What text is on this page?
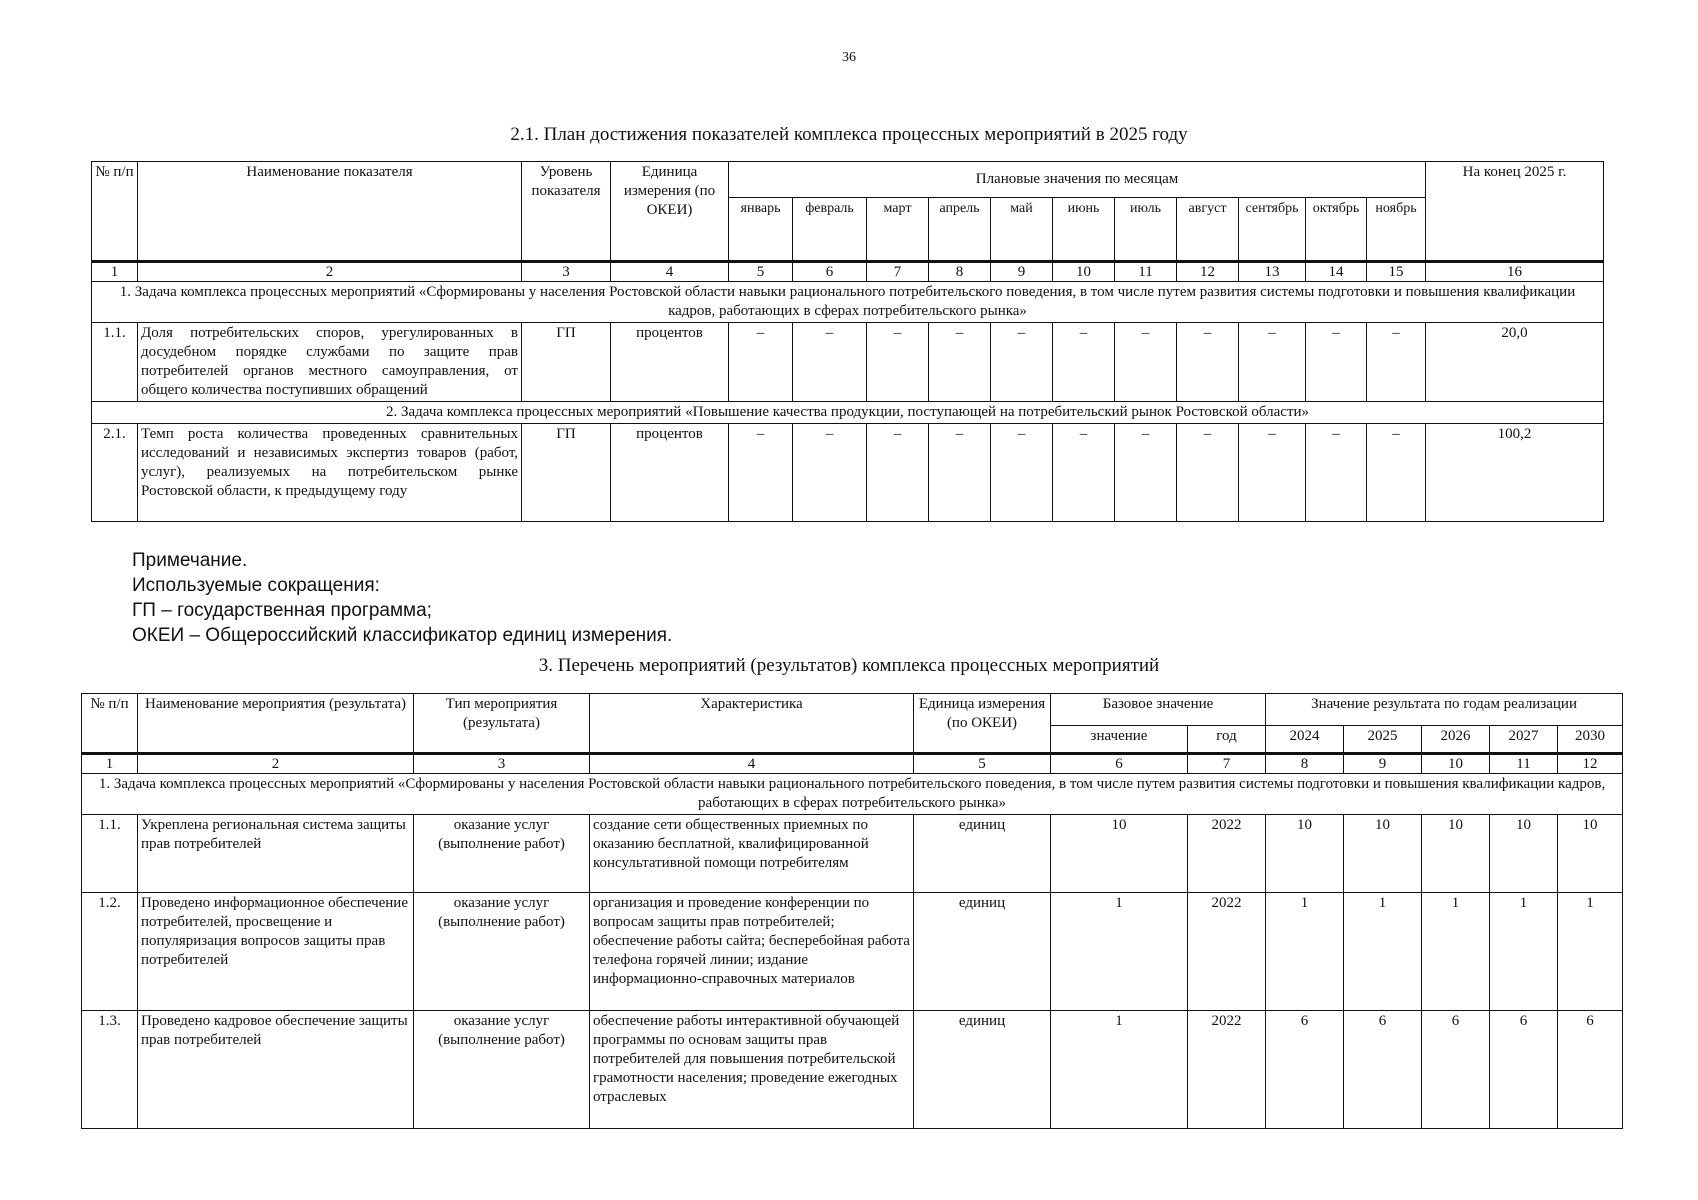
36
2.1. План достижения показателей комплекса процессных мероприятий в 2025 году
№ п/п	Наименование показателя	Уровень показателя	Единица измерения (по ОКЕИ)	Плановые значения по месяцам											На конец 2025 г.
				январь	февраль	март	апрель	май	июнь	июль	август	сентябрь	октябрь	ноябрь	
1	2	3	4	5	6	7	8	9	10	11	12	13	14	15	16
1. Задача комплекса процессных мероприятий «Сформированы у населения Ростовской области навыки рационального потребительского поведения, в том числе путем развития системы подготовки и повышения квалификации кадров, работающих в сферах потребительского рынка»															
1.1.	Доля потребительских споров, урегулированных в досудебном порядке службами по защите прав потребителей органов местного самоуправления, от общего количества поступивших обращений	ГП	процентов	–	–	–	–	–	–	–	–	–	–	–	20,0
2. Задача комплекса процессных мероприятий «Повышение качества продукции, поступающей на потребительский рынок Ростовской области»															
2.1.	Темп роста количества проведенных сравнительных исследований и независимых экспертиз товаров (работ, услуг), реализуемых на потребительском рынке Ростовской области, к предыдущему году	ГП	процентов	–	–	–	–	–	–	–	–	–	–	–	100,2
Примечание.
Используемые сокращения:
ГП – государственная программа;
ОКЕИ – Общероссийский классификатор единиц измерения.
3. Перечень мероприятий (результатов) комплекса процессных мероприятий
№ п/п	Наименование мероприятия (результата)	Тип мероприятия (результата)	Характеристика	Единица измерения (по ОКЕИ)	Базовое значение		Значение результата по годам реализации				
					значение	год	2024	2025	2026	2027	2030
1	2	3	4	5	6	7	8	9	10	11	12
1. Задача комплекса процессных мероприятий «Сформированы у населения Ростовской области навыки рационального потребительского поведения, в том числе путем развития системы подготовки и повышения квалификации кадров, работающих в сферах потребительского рынка»											
1.1.	Укреплена региональная система защиты прав потребителей	оказание услуг (выполнение работ)	создание сети общественных приемных по оказанию бесплатной, квалифицированной консультативной помощи потребителям	единиц	10	2022	10	10	10	10	10
1.2.	Проведено информационное обеспечение потребителей, просвещение и популяризация вопросов защиты прав потребителей	оказание услуг (выполнение работ)	организация и проведение конференции по вопросам защиты прав потребителей; обеспечение работы сайта; бесперебойная работа телефона горячей линии; издание информационно-справочных материалов	единиц	1	2022	1	1	1	1	1
1.3.	Проведено кадровое обеспечение защиты прав потребителей	оказание услуг (выполнение работ)	обеспечение работы интерактивной обучающей программы по основам защиты прав потребителей для повышения потребительской грамотности населения; проведение ежегодных отраслевых	единиц	1	2022	6	6	6	6	6
